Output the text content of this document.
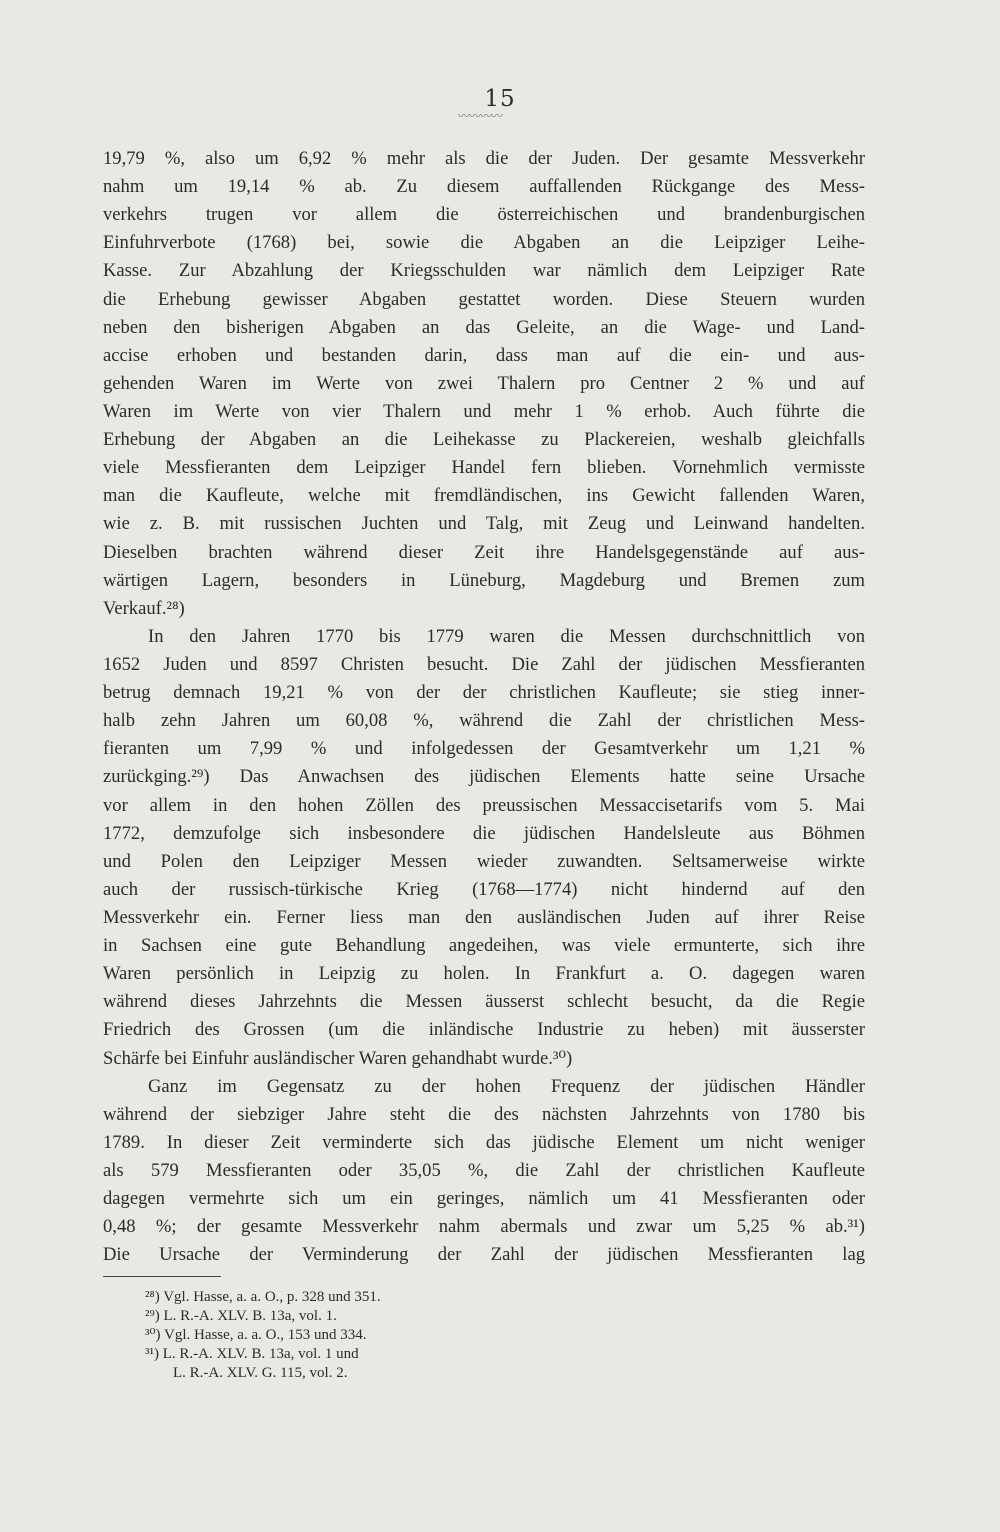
15
〰〰〰〰
19,79 %, also um 6,92 % mehr als die der Juden. Der gesamte Messverkehr
nahm um 19,14 % ab. Zu diesem auffallenden Rückgange des Mess-
verkehrs trugen vor allem die österreichischen und brandenburgischen
Einfuhrverbote (1768) bei, sowie die Abgaben an die Leipziger Leihe-
Kasse. Zur Abzahlung der Kriegsschulden war nämlich dem Leipziger Rate
die Erhebung gewisser Abgaben gestattet worden. Diese Steuern wurden
neben den bisherigen Abgaben an das Geleite, an die Wage- und Land-
accise erhoben und bestanden darin, dass man auf die ein- und aus-
gehenden Waren im Werte von zwei Thalern pro Centner 2 % und auf
Waren im Werte von vier Thalern und mehr 1 % erhob. Auch führte die
Erhebung der Abgaben an die Leihekasse zu Plackereien, weshalb gleichfalls
viele Messfieranten dem Leipziger Handel fern blieben. Vornehmlich vermisste
man die Kaufleute, welche mit fremdländischen, ins Gewicht fallenden Waren,
wie z. B. mit russischen Juchten und Talg, mit Zeug und Leinwand handelten.
Dieselben brachten während dieser Zeit ihre Handelsgegenstände auf aus-
wärtigen Lagern, besonders in Lüneburg, Magdeburg und Bremen zum
Verkauf.²⁸)
In den Jahren 1770 bis 1779 waren die Messen durchschnittlich von
1652 Juden und 8597 Christen besucht. Die Zahl der jüdischen Messfieranten
betrug demnach 19,21 % von der der christlichen Kaufleute; sie stieg inner-
halb zehn Jahren um 60,08 %, während die Zahl der christlichen Mess-
fieranten um 7,99 % und infolgedessen der Gesamtverkehr um 1,21 %
zurückging.²⁹) Das Anwachsen des jüdischen Elements hatte seine Ursache
vor allem in den hohen Zöllen des preussischen Messaccisetarifs vom 5. Mai
1772, demzufolge sich insbesondere die jüdischen Handelsleute aus Böhmen
und Polen den Leipziger Messen wieder zuwandten. Seltsamerweise wirkte
auch der russisch-türkische Krieg (1768—1774) nicht hindernd auf den
Messverkehr ein. Ferner liess man den ausländischen Juden auf ihrer Reise
in Sachsen eine gute Behandlung angedeihen, was viele ermunterte, sich ihre
Waren persönlich in Leipzig zu holen. In Frankfurt a. O. dagegen waren
während dieses Jahrzehnts die Messen äusserst schlecht besucht, da die Regie
Friedrich des Grossen (um die inländische Industrie zu heben) mit äusserster
Schärfe bei Einfuhr ausländischer Waren gehandhabt wurde.³⁰)
Ganz im Gegensatz zu der hohen Frequenz der jüdischen Händler
während der siebziger Jahre steht die des nächsten Jahrzehnts von 1780 bis
1789. In dieser Zeit verminderte sich das jüdische Element um nicht weniger
als 579 Messfieranten oder 35,05 %, die Zahl der christlichen Kaufleute
dagegen vermehrte sich um ein geringes, nämlich um 41 Messfieranten oder
0,48 %; der gesamte Messverkehr nahm abermals und zwar um 5,25 % ab.³¹)
Die Ursache der Verminderung der Zahl der jüdischen Messfieranten lag
²⁸) Vgl. Hasse, a. a. O., p. 328 und 351.
²⁹) L. R.-A. XLV. B. 13a, vol. 1.
³⁰) Vgl. Hasse, a. a. O., 153 und 334.
³¹) L. R.-A. XLV. B. 13a, vol. 1 und
L. R.-A. XLV. G. 115, vol. 2.
